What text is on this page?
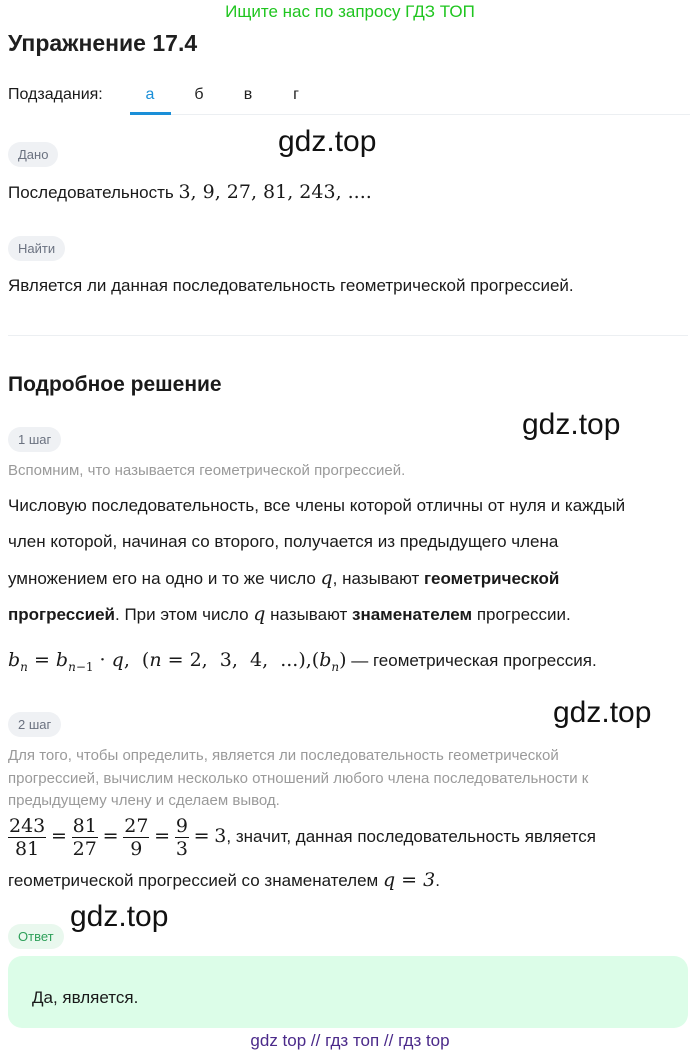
Ищите нас по запросу ГДЗ ТОП
Упражнение 17.4
Подзадания:	а	б	в	г
Дано	gdz.top
Последовательность 3, 9, 27, 81, 243, ....
Найти
Является ли данная последовательность геометрической прогрессией.
Подробное решение
1 шаг	gdz.top
Вспомним, что называется геометрической прогрессией.
Числовую последовательность, все члены которой отличны от нуля и каждый
член которой, начиная со второго, получается из предыдущего члена
умножением его на одно и то же число q, называют геометрической
прогрессией. При этом число q называют знаменателем прогрессии.
$b_n = b_{n-1} \cdot q$,  (n = 2,  3,  4,  $...),(b_n)$ — геометрическая прогрессия.
2 шаг	gdz.top
Для того, чтобы определить, является ли последовательность геометрической
прогрессией, вычислим несколько отношений любого члена последовательности к
предыдущему члену и сделаем вывод.
$\frac{243}{81} = \frac{81}{27} = \frac{27}{9} = \frac{9}{3} = 3$, значит, данная последовательность является
геометрической прогрессией со знаменателем q = 3.
gdz.top
Ответ
Да, является.
gdz top // гдз топ // гдз top
